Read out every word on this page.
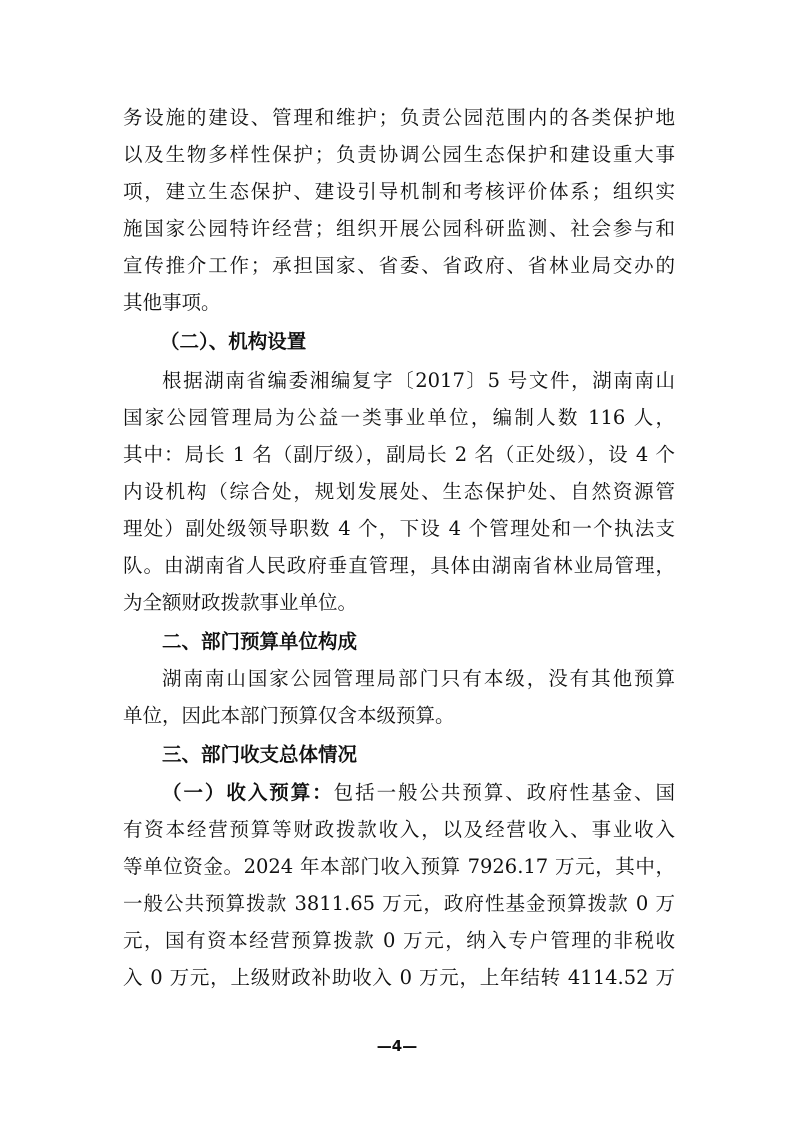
务设施的建设、管理和维护；负责公园范围内的各类保护地
以及生物多样性保护；负责协调公园生态保护和建设重大事
项，建立生态保护、建设引导机制和考核评价体系；组织实
施国家公园特许经营；组织开展公园科研监测、社会参与和
宣传推介工作；承担国家、省委、省政府、省林业局交办的
其他事项。
（二）、机构设置
根据湖南省编委湘编复字〔2017〕5 号文件，湖南南山
国家公园管理局为公益一类事业单位，编制人数 116 人，
其中：局长 1 名（副厅级），副局长 2 名（正处级），设 4 个
内设机构（综合处，规划发展处、生态保护处、自然资源管
理处）副处级领导职数 4 个，下设 4 个管理处和一个执法支
队。由湖南省人民政府垂直管理，具体由湖南省林业局管理，
为全额财政拨款事业单位。
二、部门预算单位构成
湖南南山国家公园管理局部门只有本级，没有其他预算
单位，因此本部门预算仅含本级预算。
三、部门收支总体情况
（一）收入预算：包括一般公共预算、政府性基金、国
有资本经营预算等财政拨款收入，以及经营收入、事业收入
等单位资金。2024 年本部门收入预算 7926.17 万元，其中，
一般公共预算拨款 3811.65 万元，政府性基金预算拨款 0 万
元，国有资本经营预算拨款 0 万元，纳入专户管理的非税收
入 0 万元，上级财政补助收入 0 万元，上年结转 4114.52 万
—4—
